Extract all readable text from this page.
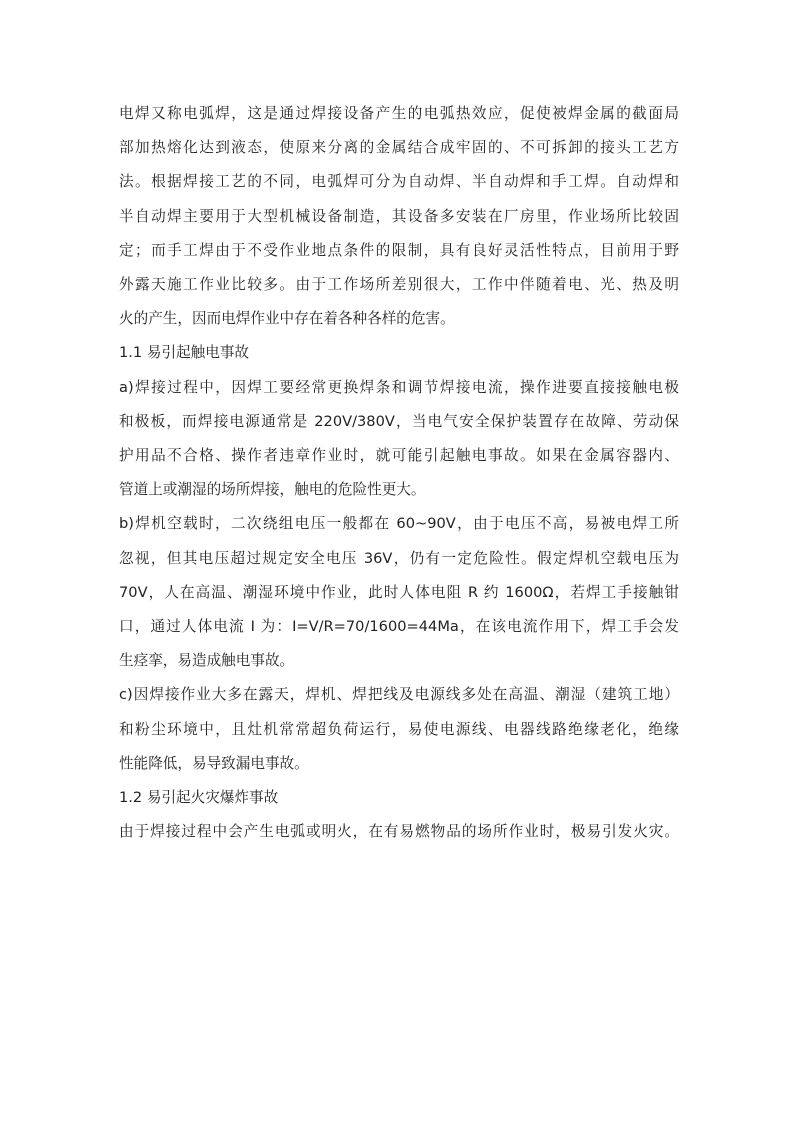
电焊又称电弧焊，这是通过焊接设备产生的电弧热效应，促使被焊金属的截面局
部加热熔化达到液态，使原来分离的金属结合成牢固的、不可拆卸的接头工艺方
法。根据焊接工艺的不同，电弧焊可分为自动焊、半自动焊和手工焊。自动焊和
半自动焊主要用于大型机械设备制造，其设备多安装在厂房里，作业场所比较固
定；而手工焊由于不受作业地点条件的限制，具有良好灵活性特点，目前用于野
外露天施工作业比较多。由于工作场所差别很大，工作中伴随着电、光、热及明
火的产生，因而电焊作业中存在着各种各样的危害。
1.1 易引起触电事故
a)焊接过程中，因焊工要经常更换焊条和调节焊接电流，操作进要直接接触电极
和极板，而焊接电源通常是 220V/380V，当电气安全保护装置存在故障、劳动保
护用品不合格、操作者违章作业时，就可能引起触电事故。如果在金属容器内、
管道上或潮湿的场所焊接，触电的危险性更大。
b)焊机空载时，二次绕组电压一般都在 60~90V，由于电压不高，易被电焊工所
忽视，但其电压超过规定安全电压 36V，仍有一定危险性。假定焊机空载电压为
70V，人在高温、潮湿环境中作业，此时人体电阻 R 约 1600Ω，若焊工手接触钳
口，通过人体电流 I 为：I=V/R=70/1600=44Ma，在该电流作用下，焊工手会发
生痉挛，易造成触电事故。
c)因焊接作业大多在露天，焊机、焊把线及电源线多处在高温、潮湿（建筑工地）
和粉尘环境中，且灶机常常超负荷运行，易使电源线、电器线路绝缘老化，绝缘
性能降低，易导致漏电事故。
1.2 易引起火灾爆炸事故
由于焊接过程中会产生电弧或明火，在有易燃物品的场所作业时，极易引发火灾。
